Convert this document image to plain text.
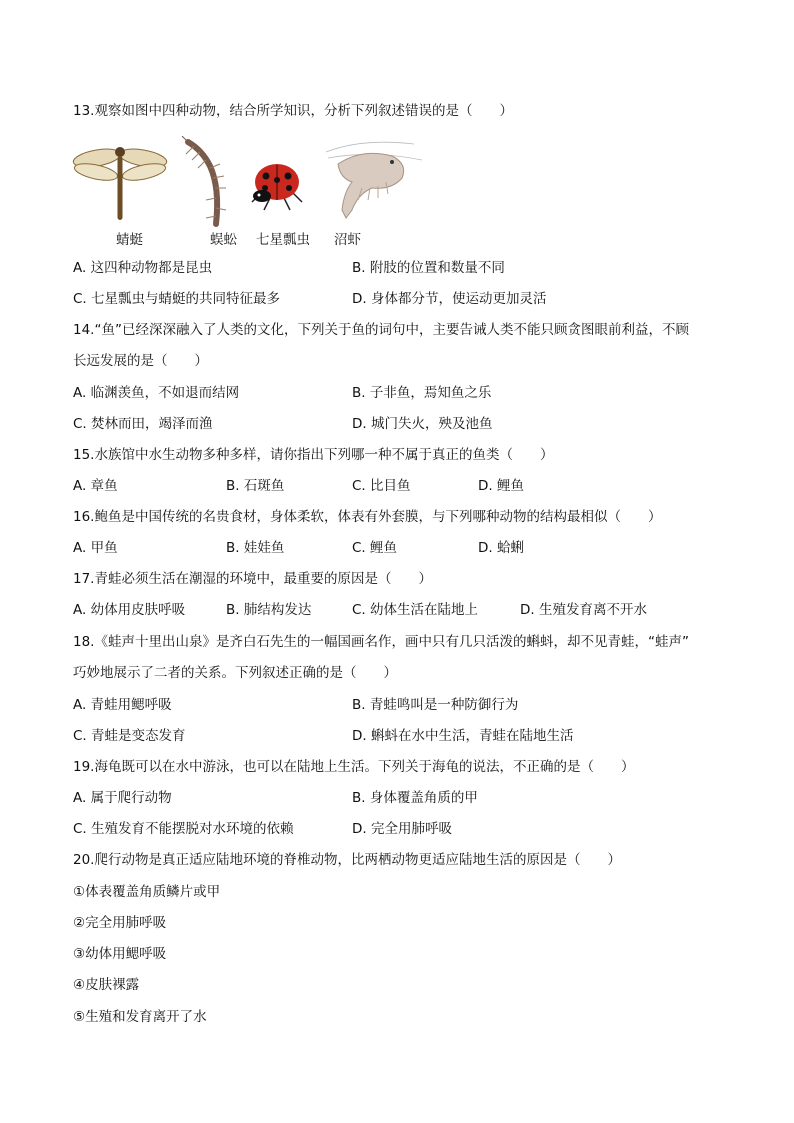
13.观察如图中四种动物，结合所学知识，分析下列叙述错误的是（　　）
蜻蜓	蜈蚣 七星瓢虫 沼虾
A. 这四种动物都是昆虫	B. 附肢的位置和数量不同
C. 七星瓢虫与蜻蜓的共同特征最多	D. 身体都分节，使运动更加灵活
14.“鱼”已经深深融入了人类的文化，下列关于鱼的词句中，主要告诫人类不能只顾贪图眼前利益，不顾
长远发展的是（　　）
A. 临渊羡鱼，不如退而结网	B. 子非鱼，焉知鱼之乐
C. 焚林而田，竭泽而渔	D. 城门失火，殃及池鱼
15.水族馆中水生动物多种多样，请你指出下列哪一种不属于真正的鱼类（　　）
A. 章鱼	B. 石斑鱼	C. 比目鱼	D. 鲤鱼
16.鲍鱼是中国传统的名贵食材，身体柔软，体表有外套膜，与下列哪种动物的结构最相似（　　）
A. 甲鱼	B. 娃娃鱼	C. 鲤鱼	D. 蛤蜊
17.青蛙必须生活在潮湿的环境中，最重要的原因是（　　）
A. 幼体用皮肤呼吸	B. 肺结构发达	C. 幼体生活在陆地上	D. 生殖发育离不开水
18.《蛙声十里出山泉》是齐白石先生的一幅国画名作，画中只有几只活泼的蝌蚪，却不见青蛙，“蛙声”
巧妙地展示了二者的关系。下列叙述正确的是（　　）
A. 青蛙用鳃呼吸	B. 青蛙鸣叫是一种防御行为
C. 青蛙是变态发育	D. 蝌蚪在水中生活，青蛙在陆地生活
19.海龟既可以在水中游泳，也可以在陆地上生活。下列关于海龟的说法，不正确的是（　　）
A. 属于爬行动物	B. 身体覆盖角质的甲
C. 生殖发育不能摆脱对水环境的依赖	D. 完全用肺呼吸
20.爬行动物是真正适应陆地环境的脊椎动物，比两栖动物更适应陆地生活的原因是（　　）
①体表覆盖角质鳞片或甲
②完全用肺呼吸
③幼体用鳃呼吸
④皮肤裸露
⑤生殖和发育离开了水
